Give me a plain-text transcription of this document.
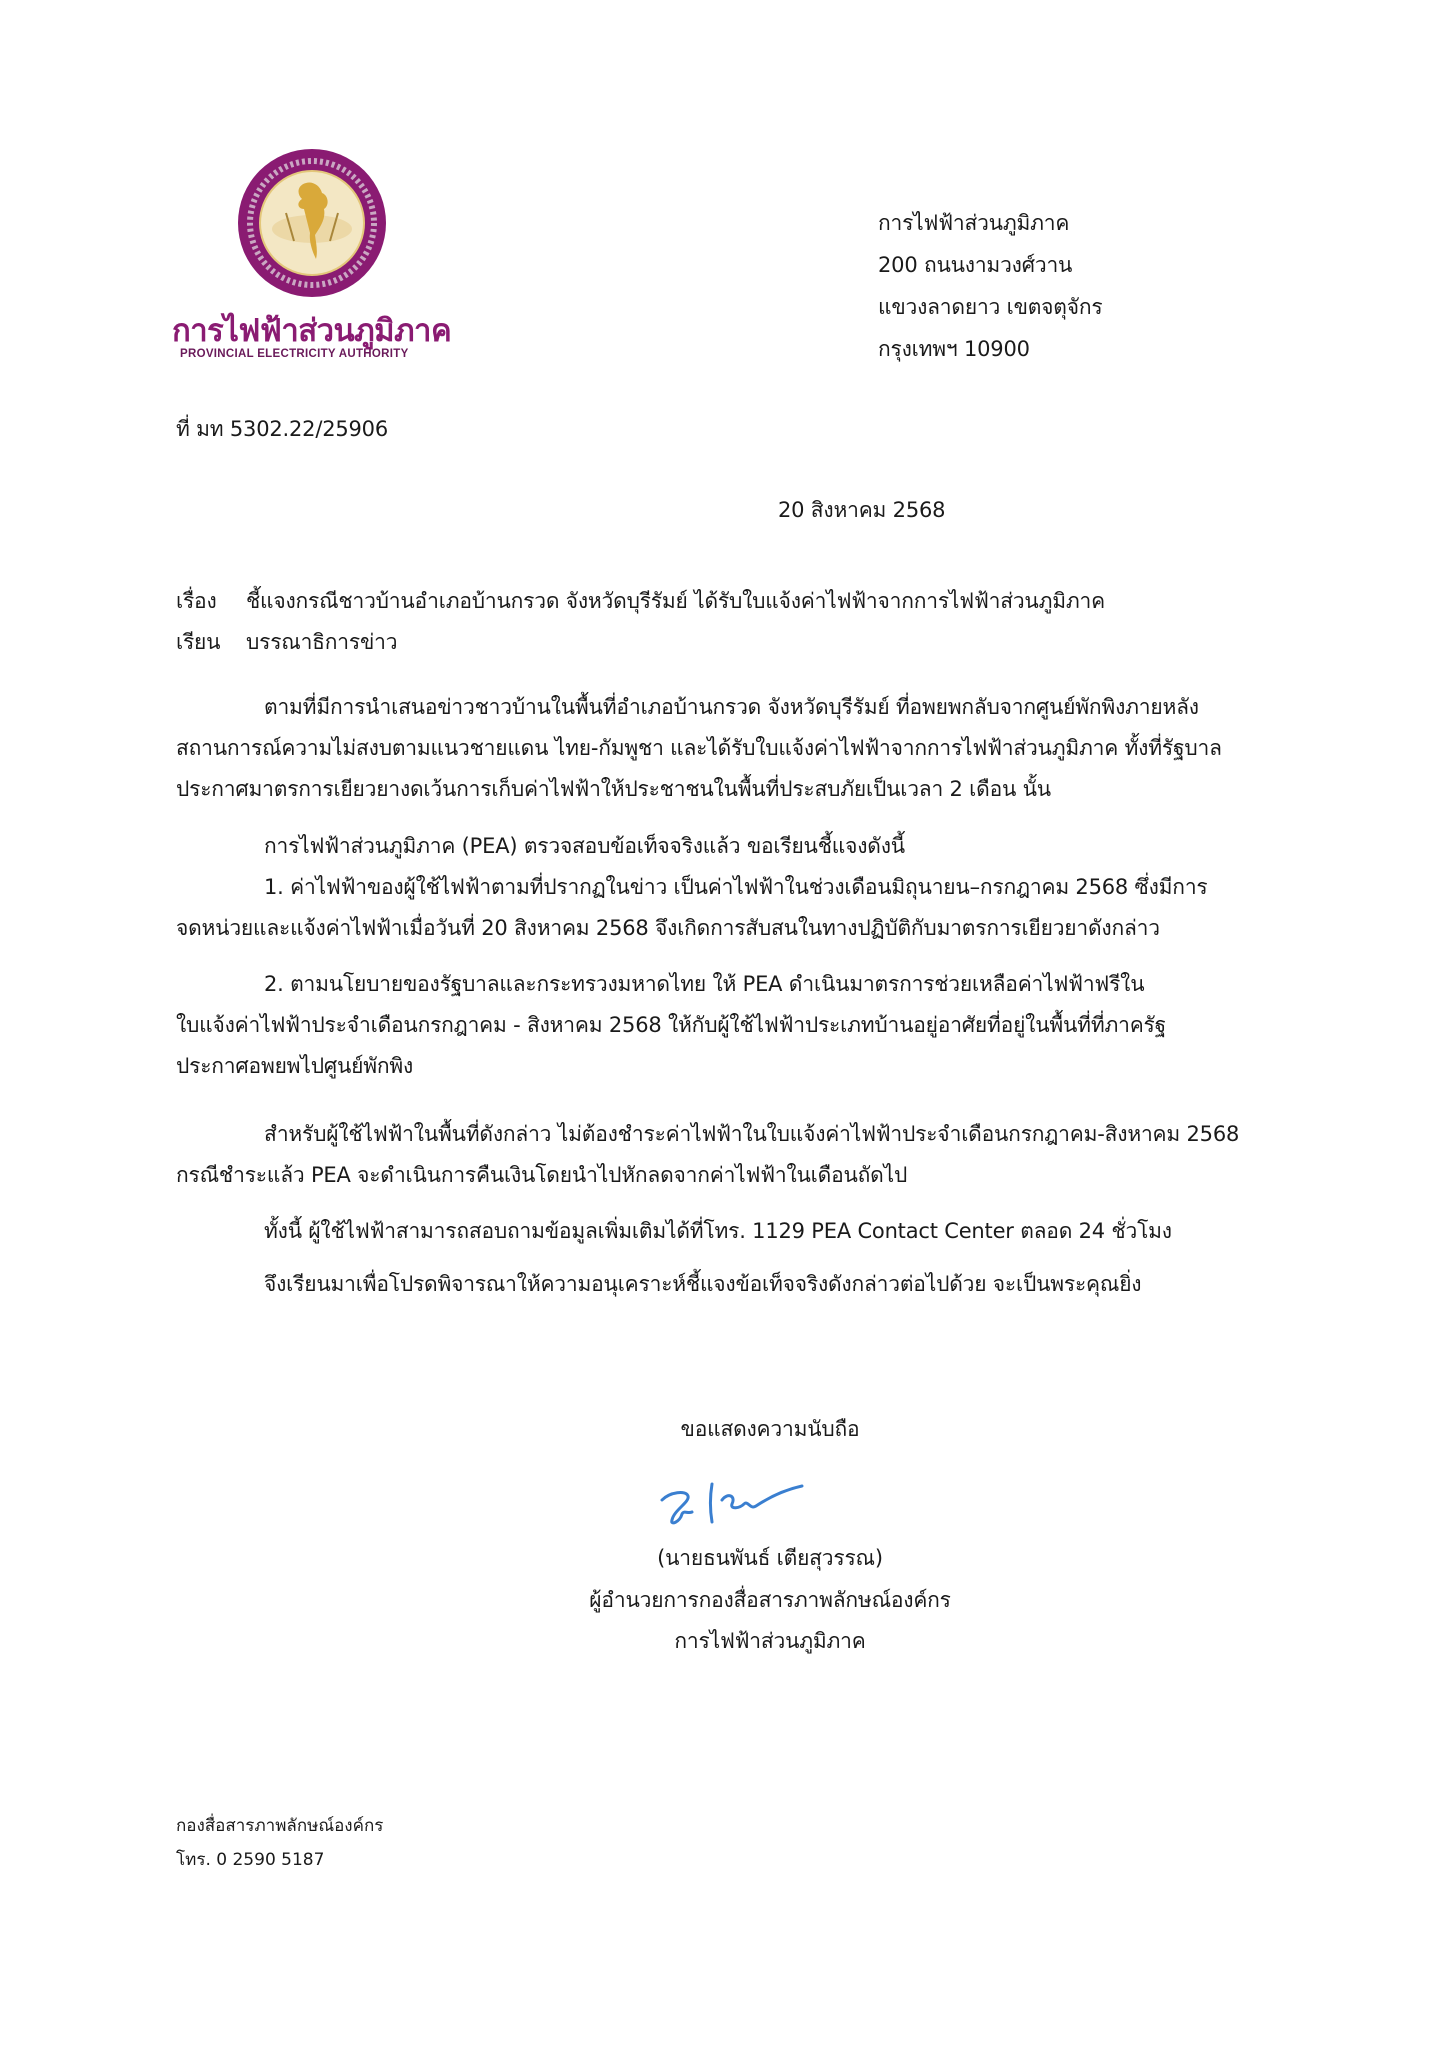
การไฟฟ้าส่วนภูมิภาค
PROVINCIAL ELECTRICITY AUTHORITY
การไฟฟ้าส่วนภูมิภาค
200 ถนนงามวงศ์วาน
แขวงลาดยาว เขตจตุจักร
กรุงเทพฯ 10900
ที่ มท 5302.22/25906
20 สิงหาคม 2568
เรื่อง ชี้แจงกรณีชาวบ้านอำเภอบ้านกรวด จังหวัดบุรีรัมย์ ได้รับใบแจ้งค่าไฟฟ้าจากการไฟฟ้าส่วนภูมิภาค
เรียน บรรณาธิการข่าว
ตามที่มีการนำเสนอข่าวชาวบ้านในพื้นที่อำเภอบ้านกรวด จังหวัดบุรีรัมย์ ที่อพยพกลับจากศูนย์พักพิงภายหลัง
สถานการณ์ความไม่สงบตามแนวชายแดน ไทย-กัมพูชา และได้รับใบแจ้งค่าไฟฟ้าจากการไฟฟ้าส่วนภูมิภาค ทั้งที่รัฐบาล
ประกาศมาตรการเยียวยางดเว้นการเก็บค่าไฟฟ้าให้ประชาชนในพื้นที่ประสบภัยเป็นเวลา 2 เดือน นั้น
การไฟฟ้าส่วนภูมิภาค (PEA) ตรวจสอบข้อเท็จจริงแล้ว ขอเรียนชี้แจงดังนี้
1. ค่าไฟฟ้าของผู้ใช้ไฟฟ้าตามที่ปรากฏในข่าว เป็นค่าไฟฟ้าในช่วงเดือนมิถุนายน–กรกฎาคม 2568 ซึ่งมีการ
จดหน่วยและแจ้งค่าไฟฟ้าเมื่อวันที่ 20 สิงหาคม 2568 จึงเกิดการสับสนในทางปฏิบัติกับมาตรการเยียวยาดังกล่าว
2. ตามนโยบายของรัฐบาลและกระทรวงมหาดไทย ให้ PEA ดำเนินมาตรการช่วยเหลือค่าไฟฟ้าฟรีใน
ใบแจ้งค่าไฟฟ้าประจำเดือนกรกฎาคม - สิงหาคม 2568 ให้กับผู้ใช้ไฟฟ้าประเภทบ้านอยู่อาศัยที่อยู่ในพื้นที่ที่ภาครัฐ
ประกาศอพยพไปศูนย์พักพิง
สำหรับผู้ใช้ไฟฟ้าในพื้นที่ดังกล่าว ไม่ต้องชำระค่าไฟฟ้าในใบแจ้งค่าไฟฟ้าประจำเดือนกรกฎาคม-สิงหาคม 2568
กรณีชำระแล้ว PEA จะดำเนินการคืนเงินโดยนำไปหักลดจากค่าไฟฟ้าในเดือนถัดไป
ทั้งนี้ ผู้ใช้ไฟฟ้าสามารถสอบถามข้อมูลเพิ่มเติมได้ที่โทร. 1129 PEA Contact Center ตลอด 24 ชั่วโมง
จึงเรียนมาเพื่อโปรดพิจารณาให้ความอนุเคราะห์ชี้แจงข้อเท็จจริงดังกล่าวต่อไปด้วย จะเป็นพระคุณยิ่ง
ขอแสดงความนับถือ
(นายธนพันธ์ เตียสุวรรณ)
ผู้อำนวยการกองสื่อสารภาพลักษณ์องค์กร
การไฟฟ้าส่วนภูมิภาค
กองสื่อสารภาพลักษณ์องค์กร
โทร. 0 2590 5187
